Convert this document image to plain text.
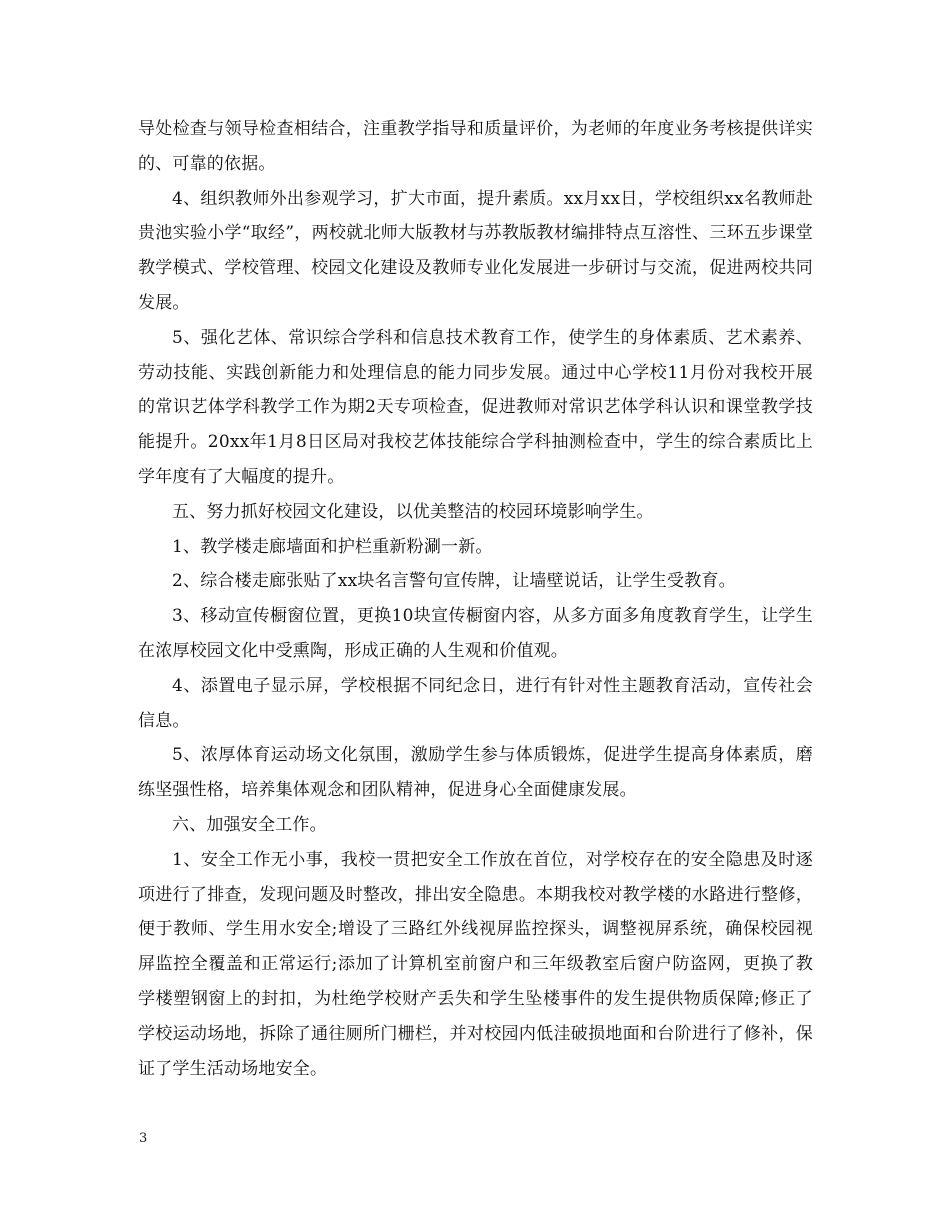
导处检查与领导检查相结合，注重教学指导和质量评价，为老师的年度业务考核提供详实的、可靠的依据。

4、组织教师外出参观学习，扩大市面，提升素质。xx月xx日，学校组织xx名教师赴贵池实验小学“取经”，两校就北师大版教材与苏教版教材编排特点互溶性、三环五步课堂教学模式、学校管理、校园文化建设及教师专业化发展进一步研讨与交流，促进两校共同发展。

5、强化艺体、常识综合学科和信息技术教育工作，使学生的身体素质、艺术素养、劳动技能、实践创新能力和处理信息的能力同步发展。通过中心学校11月份对我校开展的常识艺体学科教学工作为期2天专项检查，促进教师对常识艺体学科认识和课堂教学技能提升。20xx年1月8日区局对我校艺体技能综合学科抽测检查中，学生的综合素质比上学年度有了大幅度的提升。

五、努力抓好校园文化建设，以优美整洁的校园环境影响学生。

1、教学楼走廊墙面和护栏重新粉涮一新。

2、综合楼走廊张贴了xx块名言警句宣传牌，让墙壁说话，让学生受教育。

3、移动宣传橱窗位置，更换10块宣传橱窗内容，从多方面多角度教育学生，让学生在浓厚校园文化中受熏陶，形成正确的人生观和价值观。

4、添置电子显示屏，学校根据不同纪念日，进行有针对性主题教育活动，宣传社会信息。

5、浓厚体育运动场文化氛围，激励学生参与体质锻炼，促进学生提高身体素质，磨练坚强性格，培养集体观念和团队精神，促进身心全面健康发展。

六、加强安全工作。

1、安全工作无小事，我校一贯把安全工作放在首位，对学校存在的安全隐患及时逐项进行了排查，发现问题及时整改，排出安全隐患。本期我校对教学楼的水路进行整修，便于教师、学生用水安全;增设了三路红外线视屏监控探头，调整视屏系统，确保校园视屏监控全覆盖和正常运行;添加了计算机室前窗户和三年级教室后窗户防盗网，更换了教学楼塑钢窗上的封扣，为杜绝学校财产丢失和学生坠楼事件的发生提供物质保障;修正了学校运动场地，拆除了通往厕所门栅栏，并对校园内低洼破损地面和台阶进行了修补，保证了学生活动场地安全。

3
